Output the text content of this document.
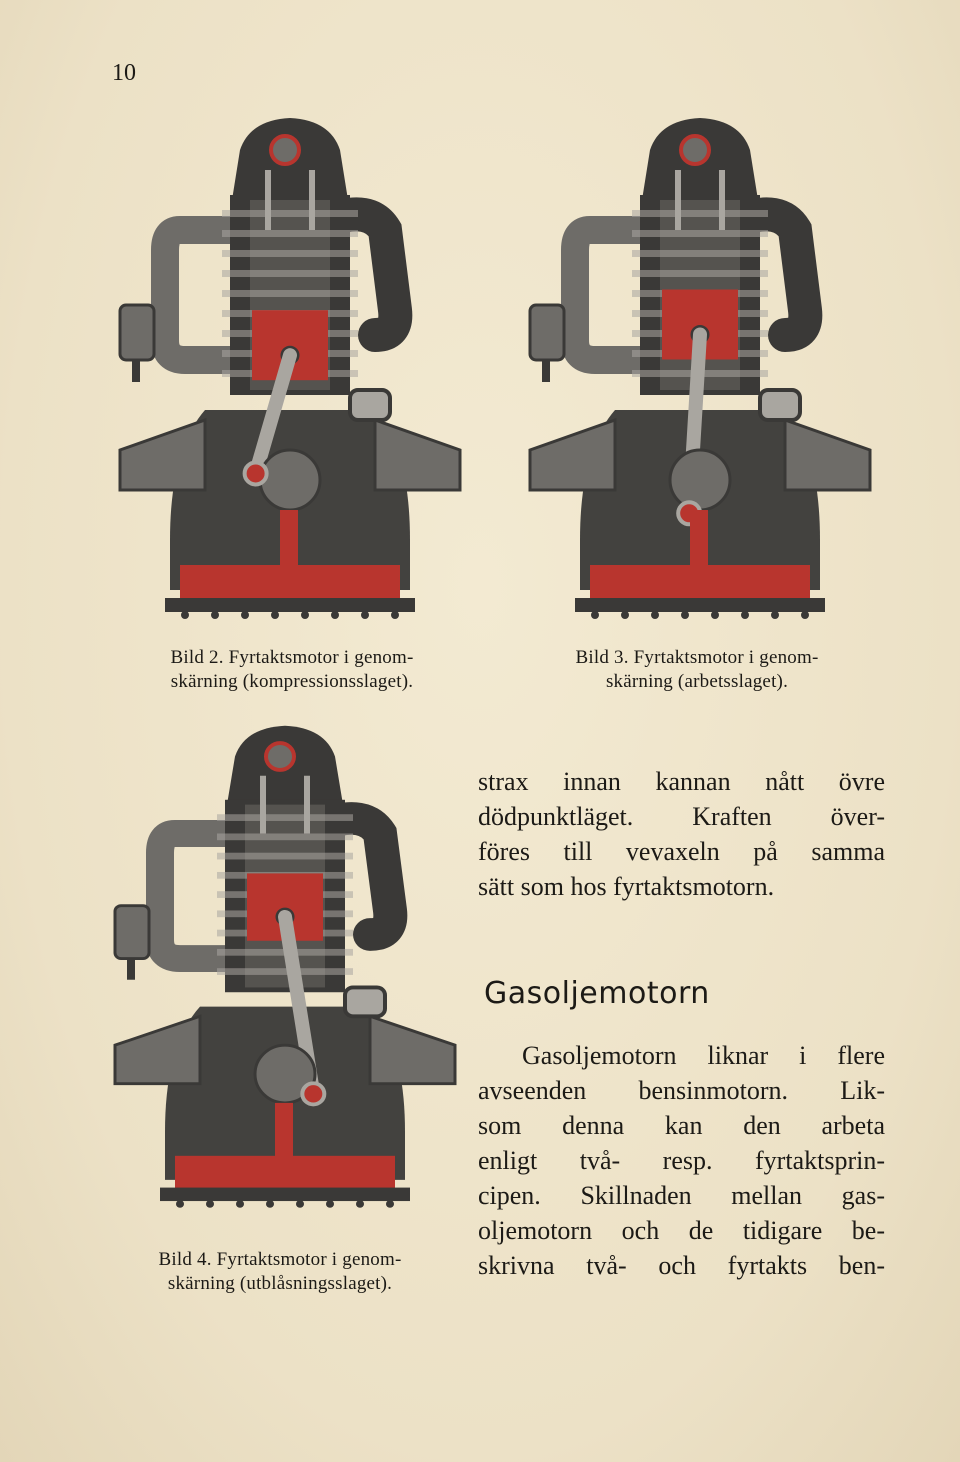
10
Bild 2. Fyrtaktsmotor i genom-
skärning (kompressionsslaget).
Bild 3. Fyrtaktsmotor i genom-
skärning (arbetsslaget).
Bild 4. Fyrtaktsmotor i genom-
skärning (utblåsningsslaget).
strax innan kannan nått övre
dödpunktläget. Kraften över-
föres till vevaxeln på samma
sätt som hos fyrtaktsmotorn.
Gasoljemotorn
Gasoljemotorn liknar i flere
avseenden bensinmotorn. Lik-
som denna kan den arbeta
enligt två- resp. fyrtaktsprin-
cipen. Skillnaden mellan gas-
oljemotorn och de tidigare be-
skrivna två- och fyrtakts ben-
